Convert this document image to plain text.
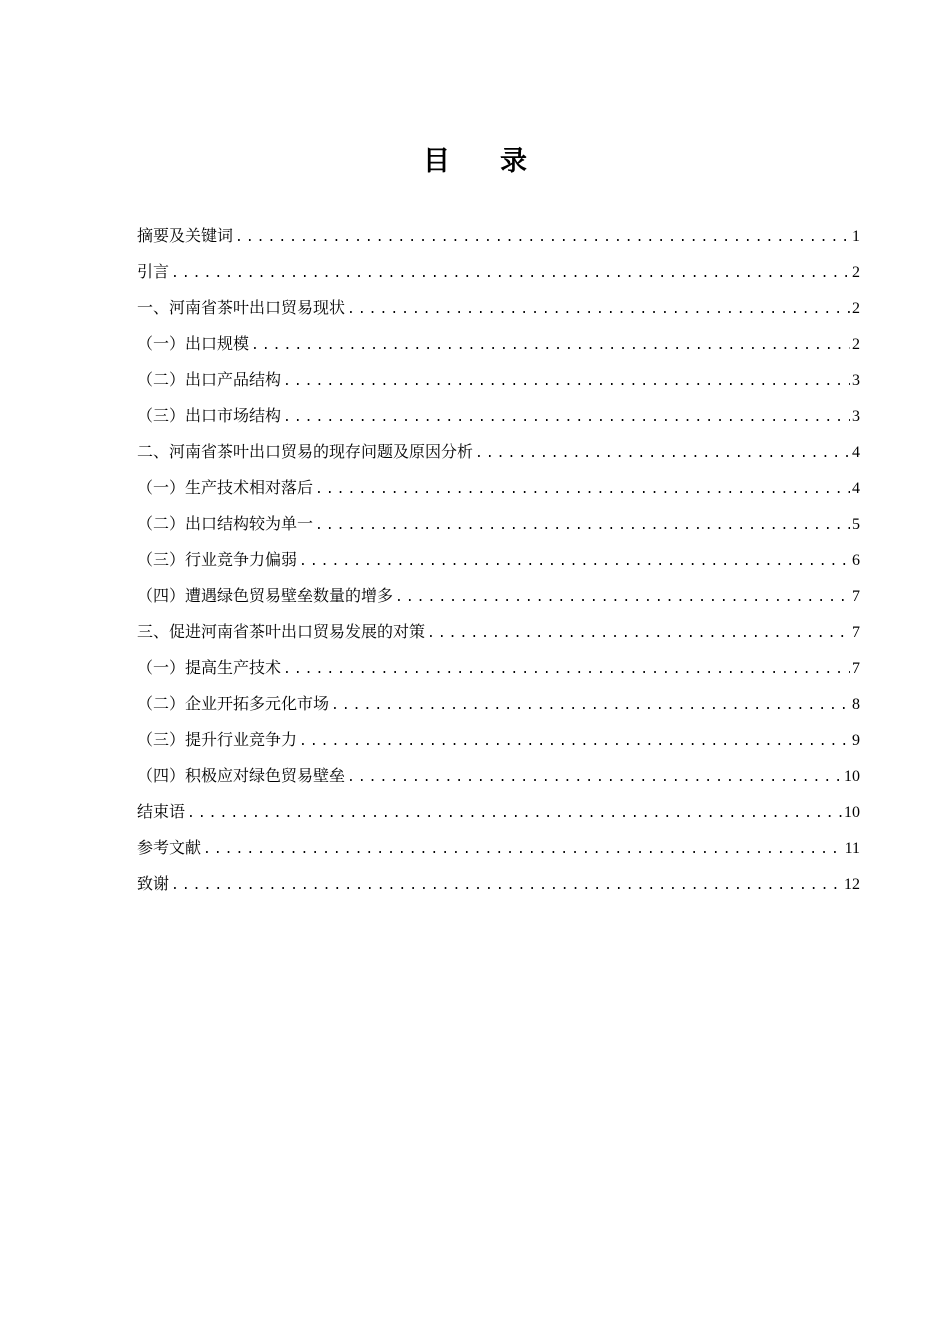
目录
摘要及关键词 .....	1
引言 .....	2
一、河南省茶叶出口贸易现状 .....	2
（一）出口规模 .....	2
（二）出口产品结构 .....	3
（三）出口市场结构 .....	3
二、河南省茶叶出口贸易的现存问题及原因分析 .....	4
（一）生产技术相对落后 .....	4
（二）出口结构较为单一 .....	5
（三）行业竞争力偏弱 .....	6
（四）遭遇绿色贸易壁垒数量的增多 .....	7
三、促进河南省茶叶出口贸易发展的对策 .....	7
（一）提高生产技术 .....	7
（二）企业开拓多元化市场 .....	8
（三）提升行业竞争力 .....	9
（四）积极应对绿色贸易壁垒 .....	10
结束语 .....	10
参考文献 .....	11
致谢 .....	12
